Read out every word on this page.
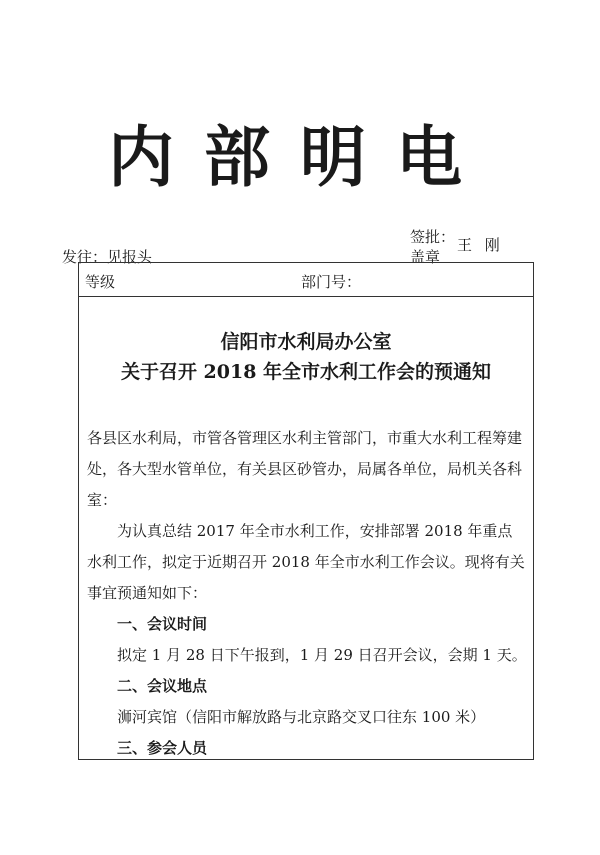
内部明电
发往：见报头
签批：
盖章
王 刚
等级	部门号：
信阳市水利局办公室
关于召开 2018 年全市水利工作会的预通知

各县区水利局，市管各管理区水利主管部门，市重大水利工程筹建处，各大型水管单位，有关县区砂管办，局属各单位，局机关各科室：

为认真总结 2017 年全市水利工作，安排部署 2018 年重点水利工作，拟定于近期召开 2018 年全市水利工作会议。现将有关事宜预通知如下：

一、会议时间

拟定 1 月 28 日下午报到，1 月 29 日召开会议，会期 1 天。

二、会议地点

浉河宾馆（信阳市解放路与北京路交叉口往东 100 米）

三、参会人员
